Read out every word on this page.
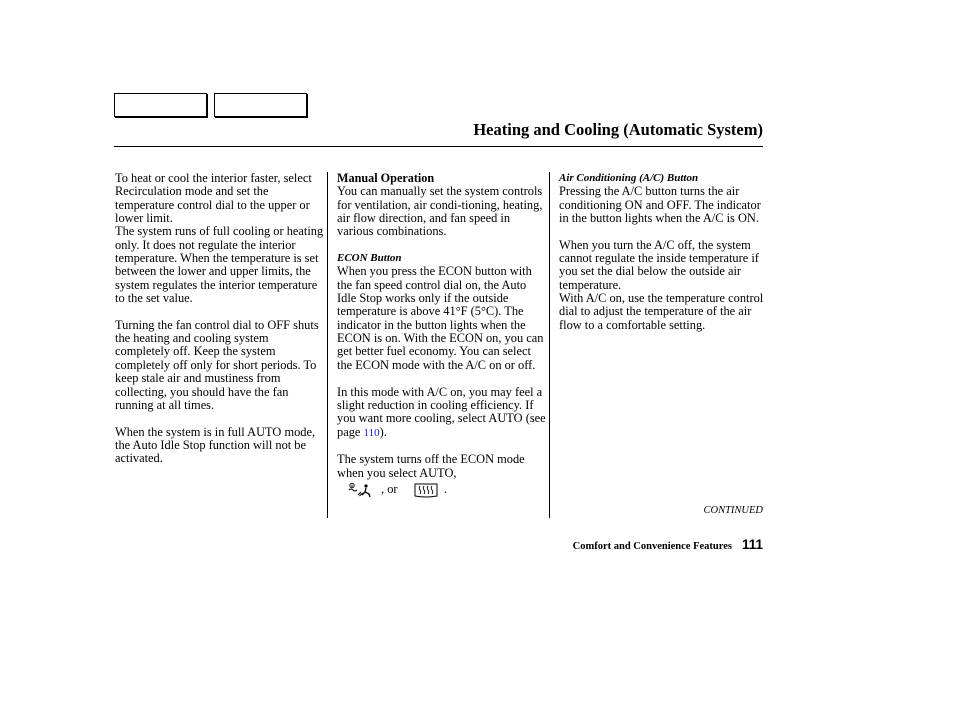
Heating and Cooling (Automatic System)

To heat or cool the interior faster, select Recirculation mode and set the temperature control dial to the upper or lower limit.

The system runs of full cooling or heating only. It does not regulate the interior temperature. When the temperature is set between the lower and upper limits, the system regulates the interior temperature to the set value.

Turning the fan control dial to OFF shuts the heating and cooling system completely off. Keep the system completely off only for short periods. To keep stale air and mustiness from collecting, you should have the fan running at all times.

When the system is in full AUTO mode, the Auto Idle Stop function will not be activated.

Manual Operation

You can manually set the system controls for ventilation, air condi-tioning, heating, air flow direction, and fan speed in various combinations.

ECON Button

When you press the ECON button with the fan speed control dial on, the Auto Idle Stop works only if the outside temperature is above 41°F (5°C). The indicator in the button lights when the ECON is on. With the ECON on, you can get better fuel economy. You can select the ECON mode with the A/C on or off.

In this mode with A/C on, you may feel a slight reduction in cooling efficiency. If you want more cooling, select AUTO (see page 110).

The system turns off the ECON mode when you select AUTO,

, or	.

Air Conditioning (A/C) Button

Pressing the A/C button turns the air conditioning ON and OFF. The indicator in the button lights when the A/C is ON.

When you turn the A/C off, the system cannot regulate the inside temperature if you set the dial below the outside air temperature.

With A/C on, use the temperature control dial to adjust the temperature of the air flow to a comfortable setting.

CONTINUED
Comfort and Convenience Features 111
